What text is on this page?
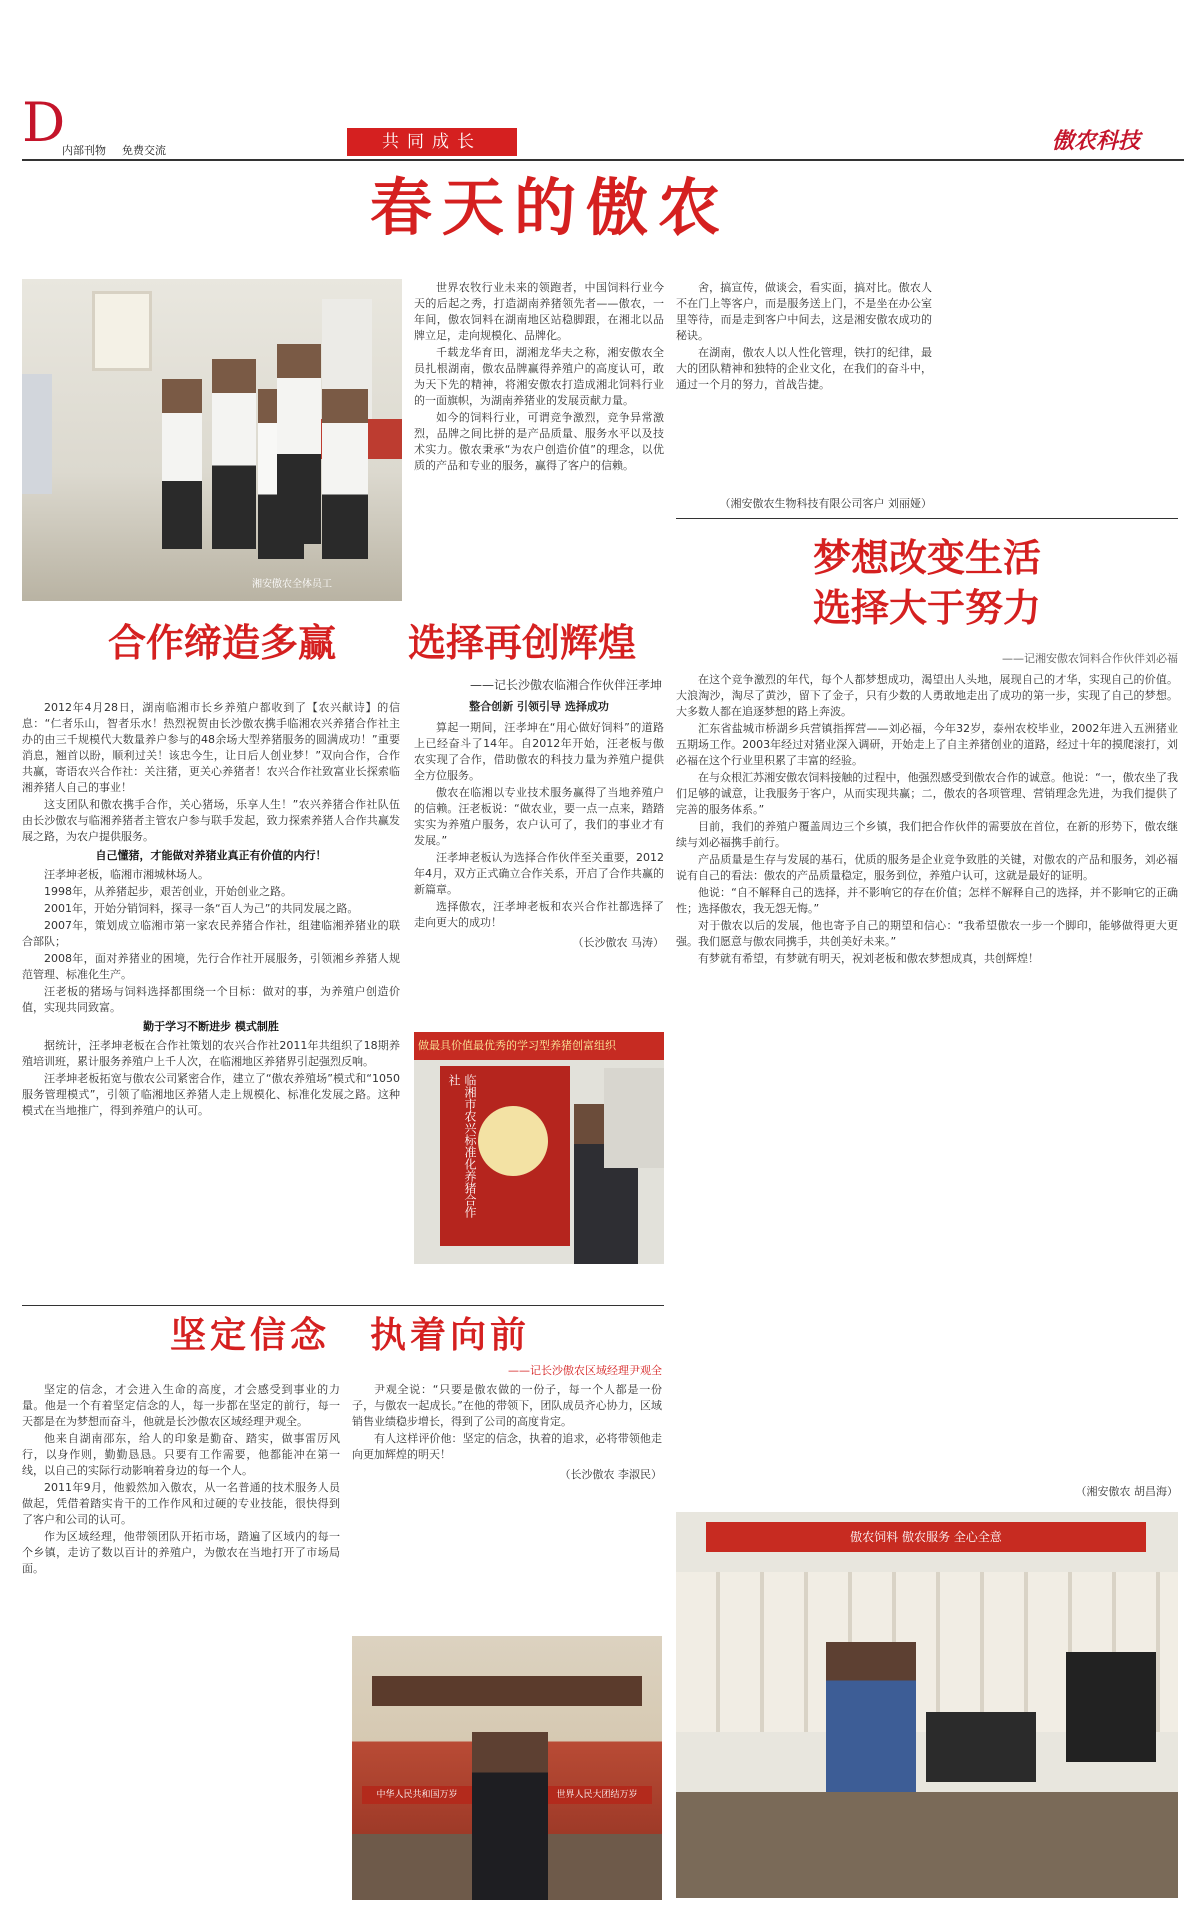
D
内部刊物 免费交流	共同成长	傲农科技
春天的傲农
湘安傲农全体员工

世界农牧行业未来的领跑者，中国饲料行业今天的后起之秀，打造湖南养猪领先者——傲农，一年间，傲农饲料在湖南地区站稳脚跟，在湘北以品牌立足，走向规模化、品牌化。

千载龙华育田，湖湘龙华夫之称，湘安傲农全员扎根湖南，傲农品牌赢得养殖户的高度认可，敢为天下先的精神，将湘安傲农打造成湘北饲料行业的一面旗帜，为湖南养猪业的发展贡献力量。

如今的饲料行业，可谓竞争激烈，竞争异常激烈，品牌之间比拼的是产品质量、服务水平以及技术实力。傲农秉承“为农户创造价值”的理念，以优质的产品和专业的服务，赢得了客户的信赖。

舍，搞宣传，做谈会，看实面，搞对比。傲农人不在门上等客户，而是服务送上门，不是坐在办公室里等待，而是走到客户中间去，这是湘安傲农成功的秘诀。

在湖南，傲农人以人性化管理，铁打的纪律，最大的团队精神和独特的企业文化，在我们的奋斗中，通过一个月的努力，首战告捷。

（湘安傲农生物科技有限公司客户 刘丽娅）
梦想改变生活
选择大于努力
——记湘安傲农饲料合作伙伴刘必福
合作缔造多赢 选择再创辉煌
——记长沙傲农临湘合作伙伴汪孝坤
整合创新 引领引导 选择成功

2012年4月28日，湖南临湘市长乡养殖户都收到了【农兴献诗】的信息：“仁者乐山，智者乐水！热烈祝贺由长沙傲农携手临湘农兴养猪合作社主办的由三千规模代大数量养户参与的48余场大型养猪服务的圆满成功！”重要消息，翘首以盼，顺利过关！该忠今生，让日后人创业梦！”双向合作，合作共赢，寄语农兴合作社：关注猪，更关心养猪者！农兴合作社致富业长探索临湘养猪人自己的事业！

这支团队和傲农携手合作，关心猪场，乐享人生！”农兴养猪合作社队伍由长沙傲农与临湘养猪者主管农户参与联手发起，致力探索养猪人合作共赢发展之路，为农户提供服务。

自己懂猪，才能做对养猪业真正有价值的内行！

汪孝坤老板，临湘市湘城林场人。

1998年，从养猪起步，艰苦创业，开始创业之路。

2001年，开始分销饲料，探寻一条“百人为己”的共同发展之路。

2007年，策划成立临湘市第一家农民养猪合作社，组建临湘养猪业的联合部队；

2008年，面对养猪业的困境，先行合作社开展服务，引领湘乡养猪人规范管理、标准化生产。

汪老板的猪场与饲料选择都围绕一个目标：做对的事，为养殖户创造价值，实现共同致富。

勤于学习不断进步 模式制胜

据统计，汪孝坤老板在合作社策划的农兴合作社2011年共组织了18期养殖培训班，累计服务养殖户上千人次，在临湘地区养猪界引起强烈反响。

汪孝坤老板拓宽与傲农公司紧密合作，建立了“傲农养殖场”模式和“1050服务管理模式”，引领了临湘地区养猪人走上规模化、标准化发展之路。这种模式在当地推广，得到养殖户的认可。

算起一期间，汪孝坤在“用心做好饲料”的道路上已经奋斗了14年。自2012年开始，汪老板与傲农实现了合作，借助傲农的科技力量为养殖户提供全方位服务。

傲农在临湘以专业技术服务赢得了当地养殖户的信赖。汪老板说：“做农业，要一点一点来，踏踏实实为养殖户服务，农户认可了，我们的事业才有发展。”

汪孝坤老板认为选择合作伙伴至关重要，2012年4月，双方正式确立合作关系，开启了合作共赢的新篇章。

选择傲农，汪孝坤老板和农兴合作社都选择了走向更大的成功！

（长沙傲农 马涛）

做最具价值最优秀的学习型养猪创富组织
临湘市农兴标准化养猪合作社

在这个竞争激烈的年代，每个人都梦想成功，渴望出人头地，展现自己的才华，实现自己的价值。大浪淘沙，淘尽了黄沙，留下了金子，只有少数的人勇敢地走出了成功的第一步，实现了自己的梦想。大多数人都在追逐梦想的路上奔波。

汇东省盐城市桥湖乡兵营镇指挥营——刘必福，今年32岁，泰州农校毕业，2002年进入五洲猪业五期场工作。2003年经过对猪业深入调研，开始走上了自主养猪创业的道路，经过十年的摸爬滚打，刘必福在这个行业里积累了丰富的经验。

在与众根汇苏湘安傲农饲料接触的过程中，他强烈感受到傲农合作的诚意。他说：“一，傲农坐了我们足够的诚意，让我服务于客户，从而实现共赢；二，傲农的各项管理、营销理念先进，为我们提供了完善的服务体系。”

目前，我们的养殖户覆盖周边三个乡镇，我们把合作伙伴的需要放在首位，在新的形势下，傲农继续与刘必福携手前行。

产品质量是生存与发展的基石，优质的服务是企业竞争致胜的关键，对傲农的产品和服务，刘必福说有自己的看法：傲农的产品质量稳定，服务到位，养殖户认可，这就是最好的证明。

他说：“自不解释自己的选择，并不影响它的存在价值；怎样不解释自己的选择，并不影响它的正确性；选择傲农，我无怨无悔。”

对于傲农以后的发展，他也寄予自己的期望和信心：“我希望傲农一步一个脚印，能够做得更大更强。我们愿意与傲农同携手，共创美好未来。”

有梦就有希望，有梦就有明天，祝刘老板和傲农梦想成真，共创辉煌！

（湘安傲农 胡昌海）
坚定信念 执着向前
——记长沙傲农区域经理尹观全

坚定的信念，才会进入生命的高度，才会感受到事业的力量。他是一个有着坚定信念的人，每一步都在坚定的前行，每一天都是在为梦想而奋斗，他就是长沙傲农区域经理尹观全。

他来自湖南邵东，给人的印象是勤奋、踏实，做事雷厉风行，以身作则，勤勤恳恳。只要有工作需要，他都能冲在第一线，以自己的实际行动影响着身边的每一个人。

2011年9月，他毅然加入傲农，从一名普通的技术服务人员做起，凭借着踏实肯干的工作作风和过硬的专业技能，很快得到了客户和公司的认可。

作为区域经理，他带领团队开拓市场，踏遍了区域内的每一个乡镇，走访了数以百计的养殖户，为傲农在当地打开了市场局面。

尹观全说：“只要是傲农做的一份子，每一个人都是一份子，与傲农一起成长。”在他的带领下，团队成员齐心协力，区域销售业绩稳步增长，得到了公司的高度肯定。

有人这样评价他：坚定的信念，执着的追求，必将带领他走向更加辉煌的明天！

（长沙傲农 李淑民）

中华人民共和国万岁	世界人民大团结万岁
傲农饲料 傲农服务 全心全意
